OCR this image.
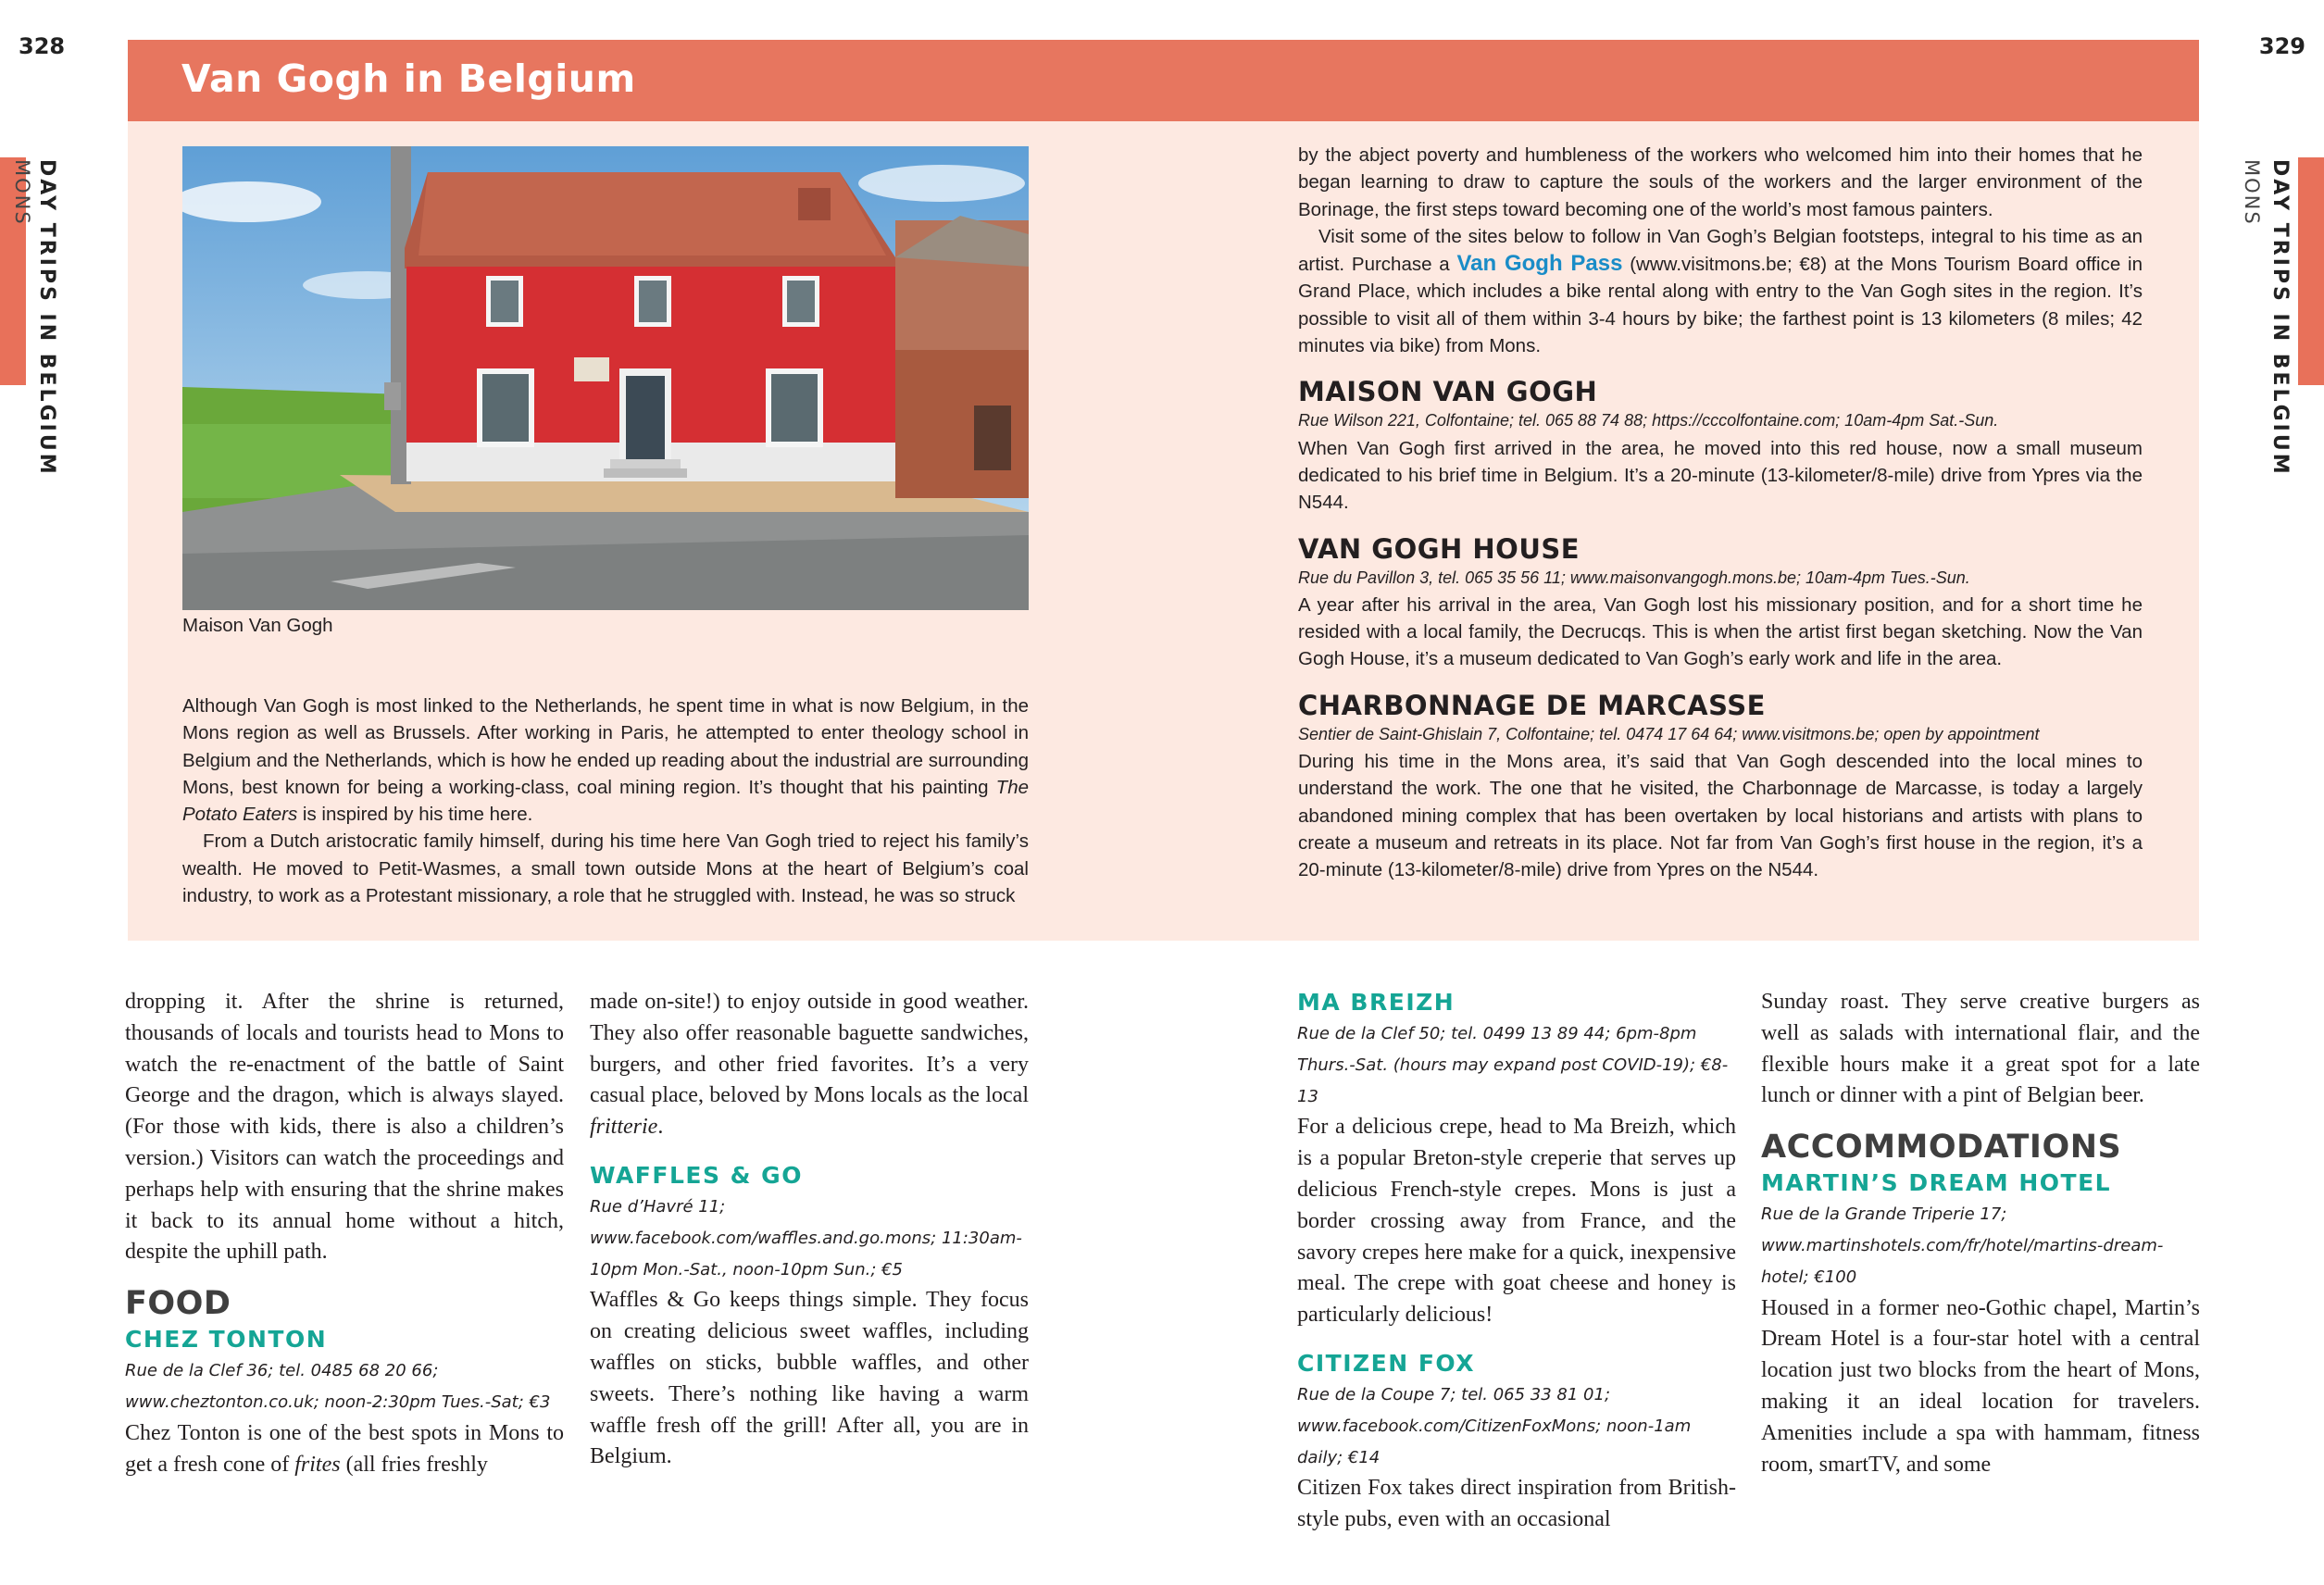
328	329
DAY TRIPS IN BELGIUM
MONS	DAY TRIPS IN BELGIUM
MONS
Van Gogh in Belgium
Maison Van Gogh

Although Van Gogh is most linked to the Netherlands, he spent time in what is now Belgium, in the Mons region as well as Brussels. After working in Paris, he attempted to enter theology school in Belgium and the Netherlands, which is how he ended up reading about the industrial are surrounding Mons, best known for being a working-class, coal mining region. It’s thought that his painting The Potato Eaters is inspired by his time here.

From a Dutch aristocratic family himself, during his time here Van Gogh tried to reject his family’s wealth. He moved to Petit-Wasmes, a small town outside Mons at the heart of Belgium’s coal industry, to work as a Protestant missionary, a role that he struggled with. Instead, he was so struck

by the abject poverty and humbleness of the workers who welcomed him into their homes that he began learning to draw to capture the souls of the workers and the larger environment of the Borinage, the first steps toward becoming one of the world’s most famous painters.

Visit some of the sites below to follow in Van Gogh’s Belgian footsteps, integral to his time as an artist. Purchase a Van Gogh Pass (www.visitmons.be; €8) at the Mons Tourism Board office in Grand Place, which includes a bike rental along with entry to the Van Gogh sites in the region. It’s possible to visit all of them within 3-4 hours by bike; the farthest point is 13 kilometers (8 miles; 42 minutes via bike) from Mons.

MAISON VAN GOGH
Rue Wilson 221, Colfontaine; tel. 065 88 74 88; https://cccolfontaine.com; 10am-4pm Sat.-Sun.

When Van Gogh first arrived in the area, he moved into this red house, now a small museum dedicated to his brief time in Belgium. It’s a 20-minute (13-kilometer/8-mile) drive from Ypres via the N544.

VAN GOGH HOUSE
Rue du Pavillon 3, tel. 065 35 56 11; www.maisonvangogh.mons.be; 10am-4pm Tues.-Sun.

A year after his arrival in the area, Van Gogh lost his missionary position, and for a short time he resided with a local family, the Decrucqs. This is when the artist first began sketching. Now the Van Gogh House, it’s a museum dedicated to Van Gogh’s early work and life in the area.

CHARBONNAGE DE MARCASSE
Sentier de Saint-Ghislain 7, Colfontaine; tel. 0474 17 64 64; www.visitmons.be; open by appointment

During his time in the Mons area, it’s said that Van Gogh descended into the local mines to understand the work. The one that he visited, the Charbonnage de Marcasse, is today a largely abandoned mining complex that has been overtaken by local historians and artists with plans to create a museum and retreats in its place. Not far from Van Gogh’s first house in the region, it’s a 20-minute (13-kilometer/8-mile) drive from Ypres on the N544.

dropping it. After the shrine is returned, thousands of locals and tourists head to Mons to watch the re-enactment of the battle of Saint George and the dragon, which is always slayed. (For those with kids, there is also a children’s version.) Visitors can watch the proceedings and perhaps help with ensuring that the shrine makes it back to its annual home without a hitch, despite the uphill path.

FOOD
CHEZ TONTON
Rue de la Clef 36; tel. 0485 68 20 66; www.cheztonton.co.uk; noon-2:30pm Tues.-Sat; €3

Chez Tonton is one of the best spots in Mons to get a fresh cone of frites (all fries freshly

made on-site!) to enjoy outside in good weather. They also offer reasonable baguette sandwiches, burgers, and other fried favorites. It’s a very casual place, beloved by Mons locals as the local fritterie.

WAFFLES & GO
Rue d’Havré 11; www.facebook.com/waffles.and.go.mons; 11:30am-10pm Mon.-Sat., noon-10pm Sun.; €5

Waffles & Go keeps things simple. They focus on creating delicious sweet waffles, including waffles on sticks, bubble waffles, and other sweets. There’s nothing like having a warm waffle fresh off the grill! After all, you are in Belgium.

MA BREIZH
Rue de la Clef 50; tel. 0499 13 89 44; 6pm-8pm Thurs.-Sat. (hours may expand post COVID-19); €8-13

For a delicious crepe, head to Ma Breizh, which is a popular Breton-style creperie that serves up delicious French-style crepes. Mons is just a border crossing away from France, and the savory crepes here make for a quick, inexpensive meal. The crepe with goat cheese and honey is particularly delicious!

CITIZEN FOX
Rue de la Coupe 7; tel. 065 33 81 01; www.facebook.com/CitizenFoxMons; noon-1am daily; €14

Citizen Fox takes direct inspiration from British-style pubs, even with an occasional

Sunday roast. They serve creative burgers as well as salads with international flair, and the flexible hours make it a great spot for a late lunch or dinner with a pint of Belgian beer.

ACCOMMODATIONS
MARTIN’S DREAM HOTEL
Rue de la Grande Triperie 17; www.martinshotels.com/fr/hotel/martins-dream-hotel; €100

Housed in a former neo-Gothic chapel, Martin’s Dream Hotel is a four-star hotel with a central location just two blocks from the heart of Mons, making it an ideal location for travelers. Amenities include a spa with hammam, fitness room, smartTV, and some
